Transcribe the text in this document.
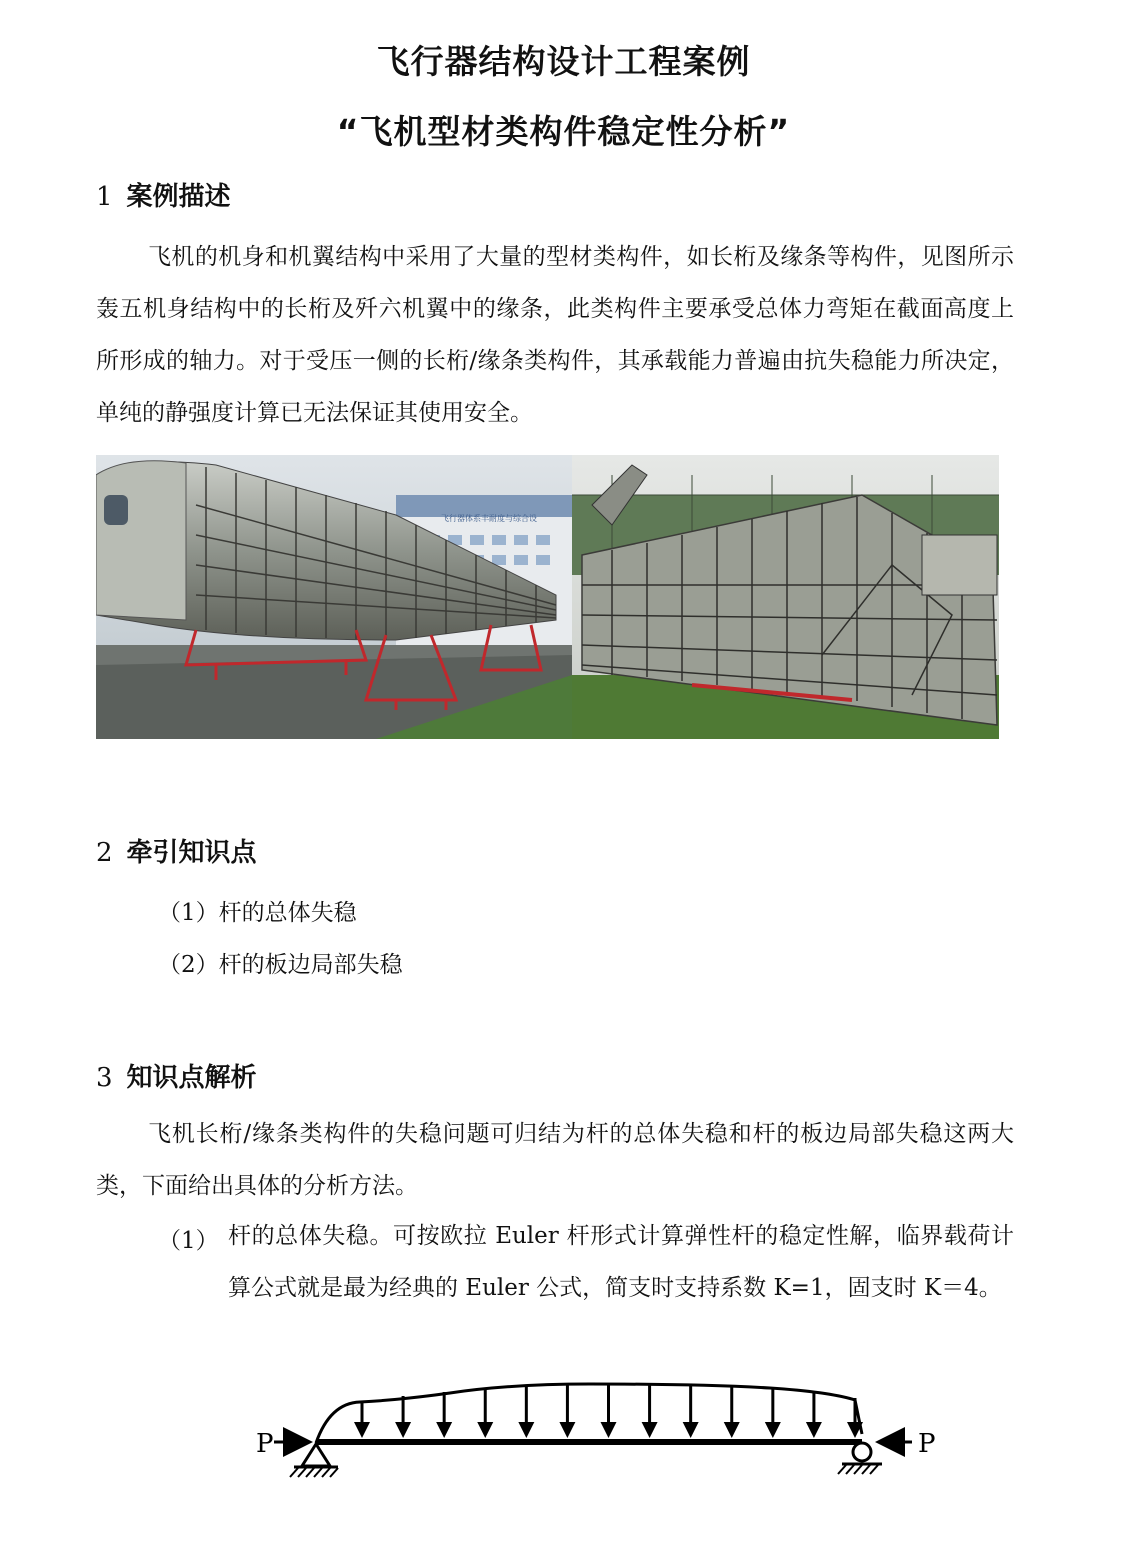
飞行器结构设计工程案例
“飞机型材类构件稳定性分析”
1 案例描述

飞机的机身和机翼结构中采用了大量的型材类构件，如长桁及缘条等构件，见图所示轰五机身结构中的长桁及歼六机翼中的缘条，此类构件主要承受总体力弯矩在截面高度上所形成的轴力。对于受压一侧的长桁/缘条类构件，其承载能力普遍由抗失稳能力所决定，单纯的静强度计算已无法保证其使用安全。

飞行器体系丰耐度与综合设
2 牵引知识点
（1）杆的总体失稳
（2）杆的板边局部失稳
3 知识点解析

飞机长桁/缘条类构件的失稳问题可归结为杆的总体失稳和杆的板边局部失稳这两大类，下面给出具体的分析方法。

（1） 杆的总体失稳。可按欧拉 Euler 杆形式计算弹性杆的稳定性解，临界载荷计算公式就是最为经典的 Euler 公式，简支时支持系数 K=1，固支时 K＝4。

P	P
